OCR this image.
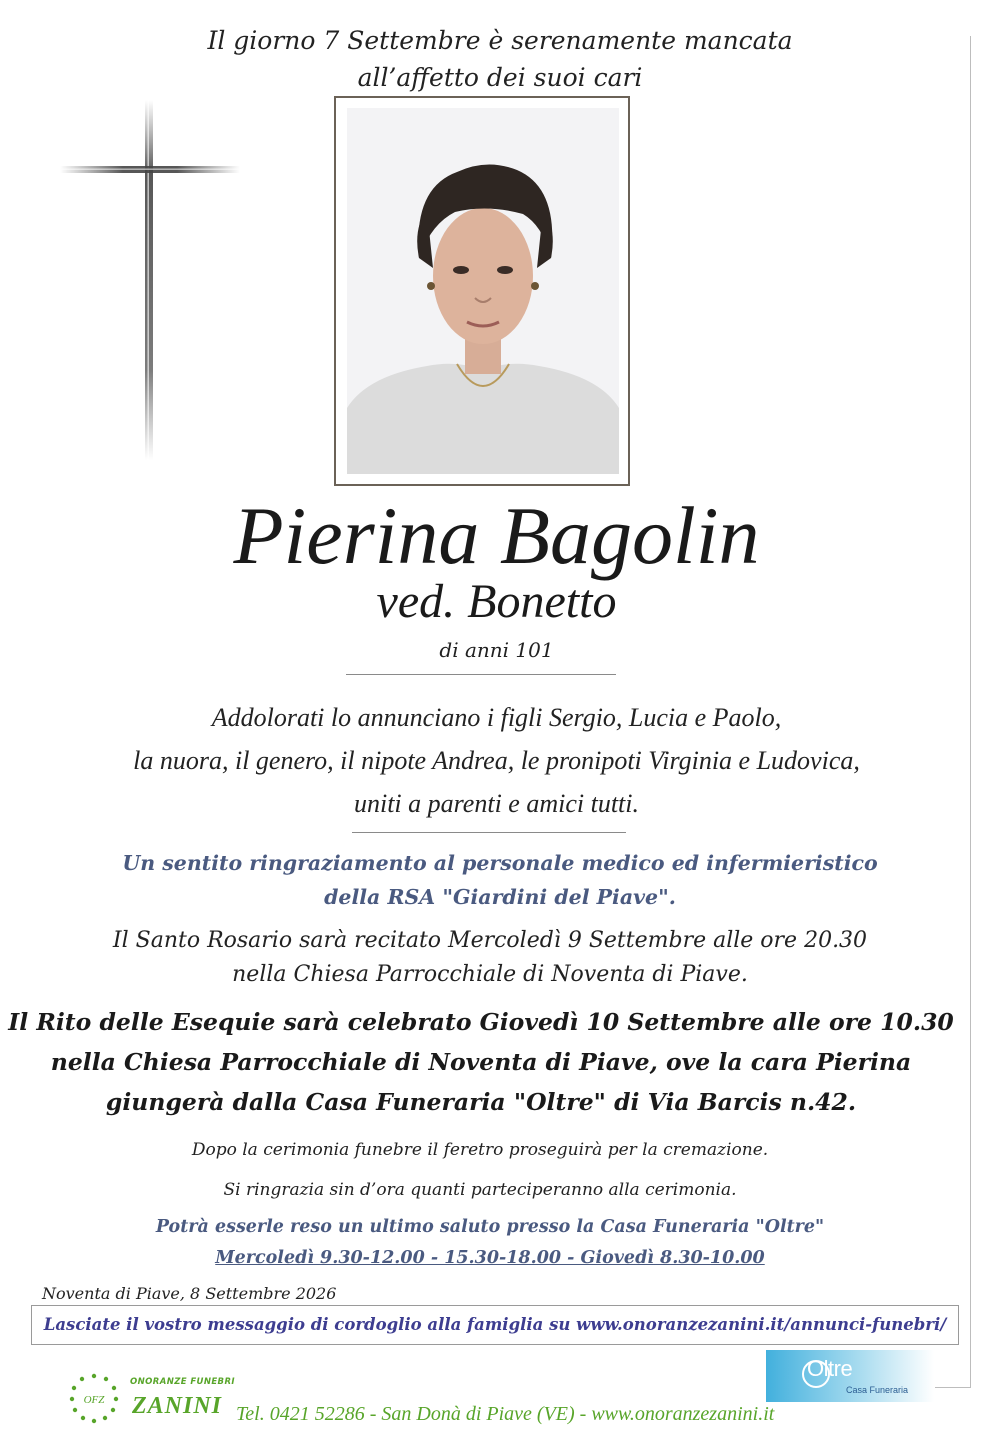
Il giorno 7 Settembre è serenamente mancata
all’affetto dei suoi cari
Pierina Bagolin
ved. Bonetto
di anni 101
Addolorati lo annunciano i figli Sergio, Lucia e Paolo,
la nuora, il genero, il nipote Andrea, le pronipoti Virginia e Ludovica,
uniti a parenti e amici tutti.
Un sentito ringraziamento al personale medico ed infermieristico
della RSA "Giardini del Piave".
Il Santo Rosario sarà recitato Mercoledì 9 Settembre alle ore 20.30
nella Chiesa Parrocchiale di Noventa di Piave.
Il Rito delle Esequie sarà celebrato Giovedì 10 Settembre alle ore 10.30
nella Chiesa Parrocchiale di Noventa di Piave, ove la cara Pierina
giungerà dalla Casa Funeraria "Oltre" di Via Barcis n.42.
Dopo la cerimonia funebre il feretro proseguirà per la cremazione.
Si ringrazia sin d’ora quanti parteciperanno alla cerimonia.
Potrà esserle reso un ultimo saluto presso la Casa Funeraria "Oltre"
Mercoledì 9.30-12.00 - 15.30-18.00 - Giovedì 8.30-10.00
Noventa di Piave, 8 Settembre 2026
Lasciate il vostro messaggio di cordoglio alla famiglia su www.onoranzezanini.it/annunci-funebri/
OFZ
ONORANZE FUNEBRI
ZANINI Tel. 0421 52286 - San Donà di Piave (VE) - www.onoranzezanini.it
Oltre
Casa Funeraria
